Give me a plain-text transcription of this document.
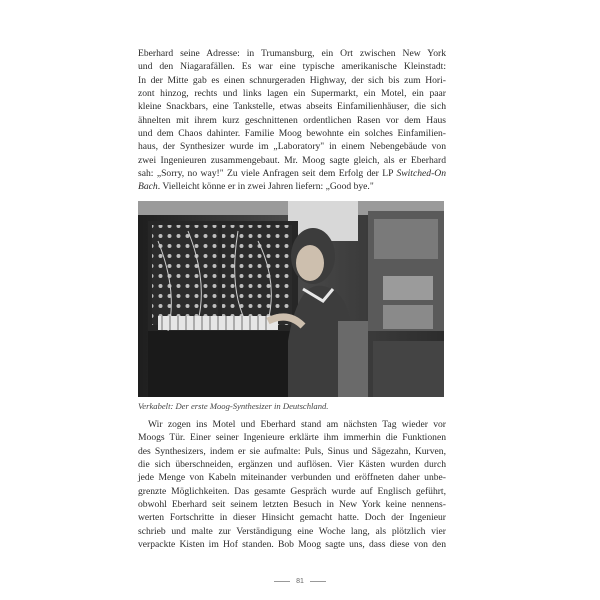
Eberhard seine Adresse: in Trumansburg, ein Ort zwischen New York
und den Niagarafällen. Es war eine typische amerikanische Kleinstadt:
In der Mitte gab es einen schnurgeraden Highway, der sich bis zum Hori-
zont hinzog, rechts und links lagen ein Supermarkt, ein Motel, ein paar
kleine Snackbars, eine Tankstelle, etwas abseits Einfamilienhäuser, die sich
ähnelten mit ihrem kurz geschnittenen ordentlichen Rasen vor dem Haus
und dem Chaos dahinter. Familie Moog bewohnte ein solches Einfamilien-
haus, der Synthesizer wurde im „Laboratory" in einem Nebengebäude von
zwei Ingenieuren zusammengebaut. Mr. Moog sagte gleich, als er Eberhard
sah: „Sorry, no way!" Zu viele Anfragen seit dem Erfolg der LP Switched-On
Bach. Vielleicht könne er in zwei Jahren liefern: „Good bye."

Verkabelt: Der erste Moog-Synthesizer in Deutschland.

Wir zogen ins Motel und Eberhard stand am nächsten Tag wieder vor
Moogs Tür. Einer seiner Ingenieure erklärte ihm immerhin die Funktionen
des Synthesizers, indem er sie aufmalte: Puls, Sinus und Sägezahn, Kurven,
die sich überschneiden, ergänzen und auflösen. Vier Kästen wurden durch
jede Menge von Kabeln miteinander verbunden und eröffneten daher unbe-
grenzte Möglichkeiten. Das gesamte Gespräch wurde auf Englisch geführt,
obwohl Eberhard seit seinem letzten Besuch in New York keine nennens-
werten Fortschritte in dieser Hinsicht gemacht hatte. Doch der Ingenieur
schrieb und malte zur Verständigung eine Woche lang, als plötzlich vier
verpackte Kisten im Hof standen. Bob Moog sagte uns, dass diese von den

81
